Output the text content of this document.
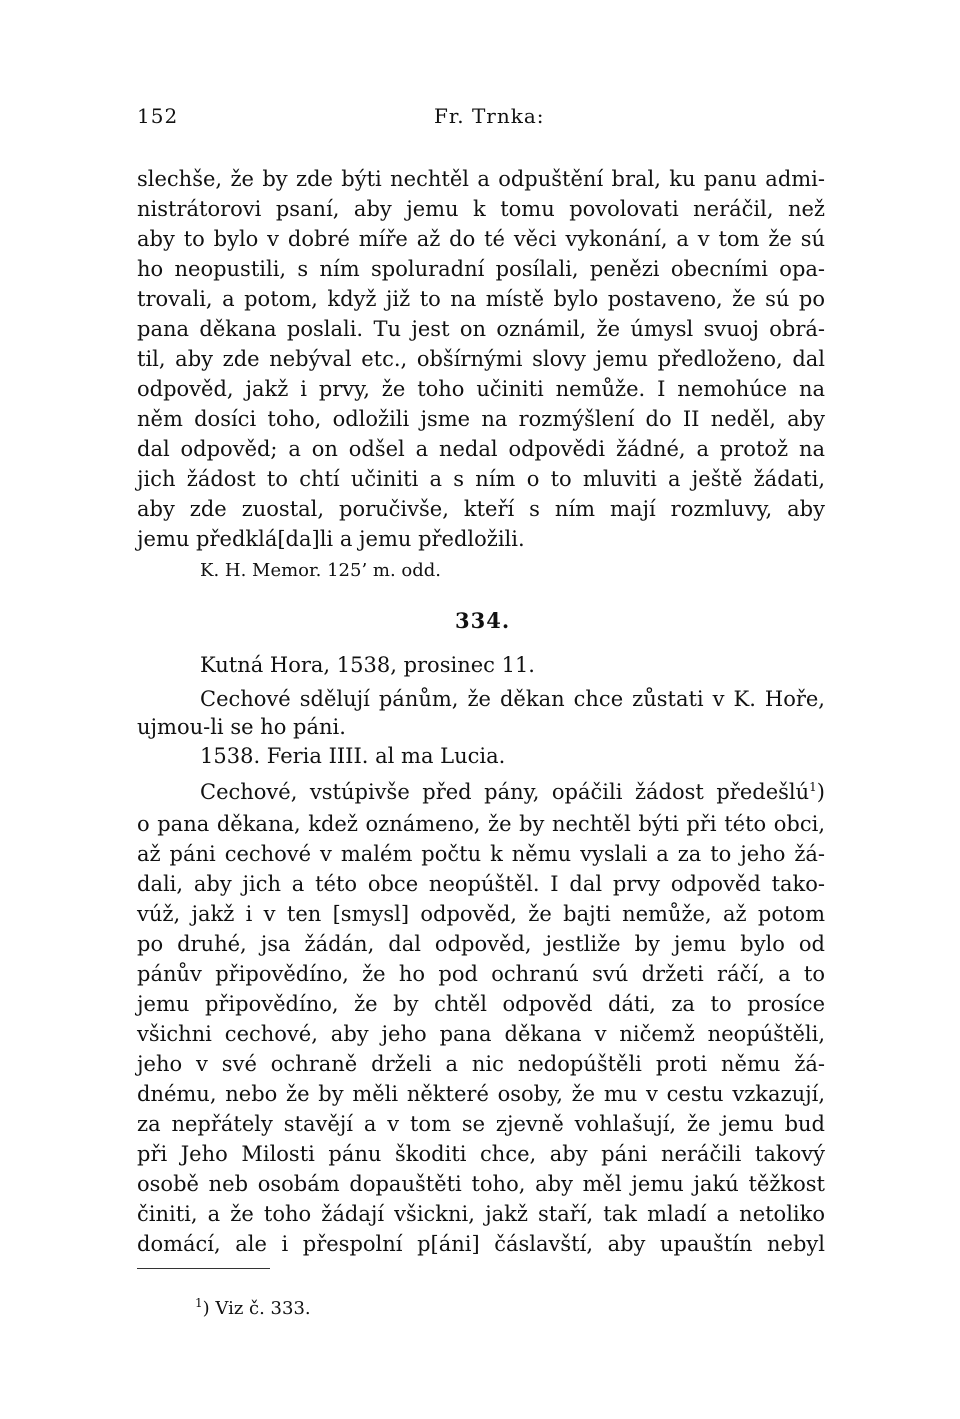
152	Fr. Trnka:
slechše, že by zde býti nechtěl a odpuštění bral, ku panu admi-
nistrátorovi psaní, aby jemu k tomu povolovati neráčil, než
aby to bylo v dobré míře až do té věci vykonání, a v tom že sú
ho neopustili, s ním spoluradní posílali, penězi obecními opa-
trovali, a potom, když již to na místě bylo postaveno, že sú po
pana děkana poslali. Tu jest on oznámil, že úmysl svuoj obrá-
til, aby zde nebýval etc., obšírnými slovy jemu předloženo, dal
odpověd, jakž i prvy, že toho učiniti nemůže. I nemohúce na
něm dosíci toho, odložili jsme na rozmýšlení do II neděl, aby
dal odpověd; a on odšel a nedal odpovědi žádné, a protož na
jich žádost to chtí učiniti a s ním o to mluviti a ještě žádati,
aby zde zuostal, poručivše, kteří s ním mají rozmluvy, aby
jemu předklá[da]li a jemu předložili.
K. H. Memor. 125’ m. odd.
334.
Kutná Hora, 1538, prosinec 11.
Cechové sdělují pánům, že děkan chce zůstati v K. Hoře,
ujmou-li se ho páni.
1538. Feria IIII. al ma Lucia.
Cechové, vstúpivše před pány, opáčili žádost předešlú$^1$)
o pana děkana, kdež oznámeno, že by nechtěl býti při této obci,
až páni cechové v malém počtu k němu vyslali a za to jeho žá-
dali, aby jich a této obce neopúštěl. I dal prvy odpověd tako-
vúž, jakž i v ten [smysl] odpověd, že bajti nemůže, až potom
po druhé, jsa žádán, dal odpověd, jestliže by jemu bylo od
pánův připovědíno, že ho pod ochranú svú držeti ráčí, a to
jemu připovědíno, že by chtěl odpověd dáti, za to prosíce
všichni cechové, aby jeho pana děkana v ničemž neopúštěli,
jeho v své ochraně drželi a nic nedopúštěli proti němu žá-
dnému, nebo že by měli některé osoby, že mu v cestu vzkazují,
za nepřátely stavějí a v tom se zjevně vohlašují, že jemu bud
při Jeho Milosti pánu škoditi chce, aby páni neráčili takový
osobě neb osobám dopauštěti toho, aby měl jemu jakú těžkost
činiti, a že toho žádají všickni, jakž staří, tak mladí a netoliko
domácí, ale i přespolní p[áni] čáslavští, aby upauštín nebyl
$^1$) Viz č. 333.
